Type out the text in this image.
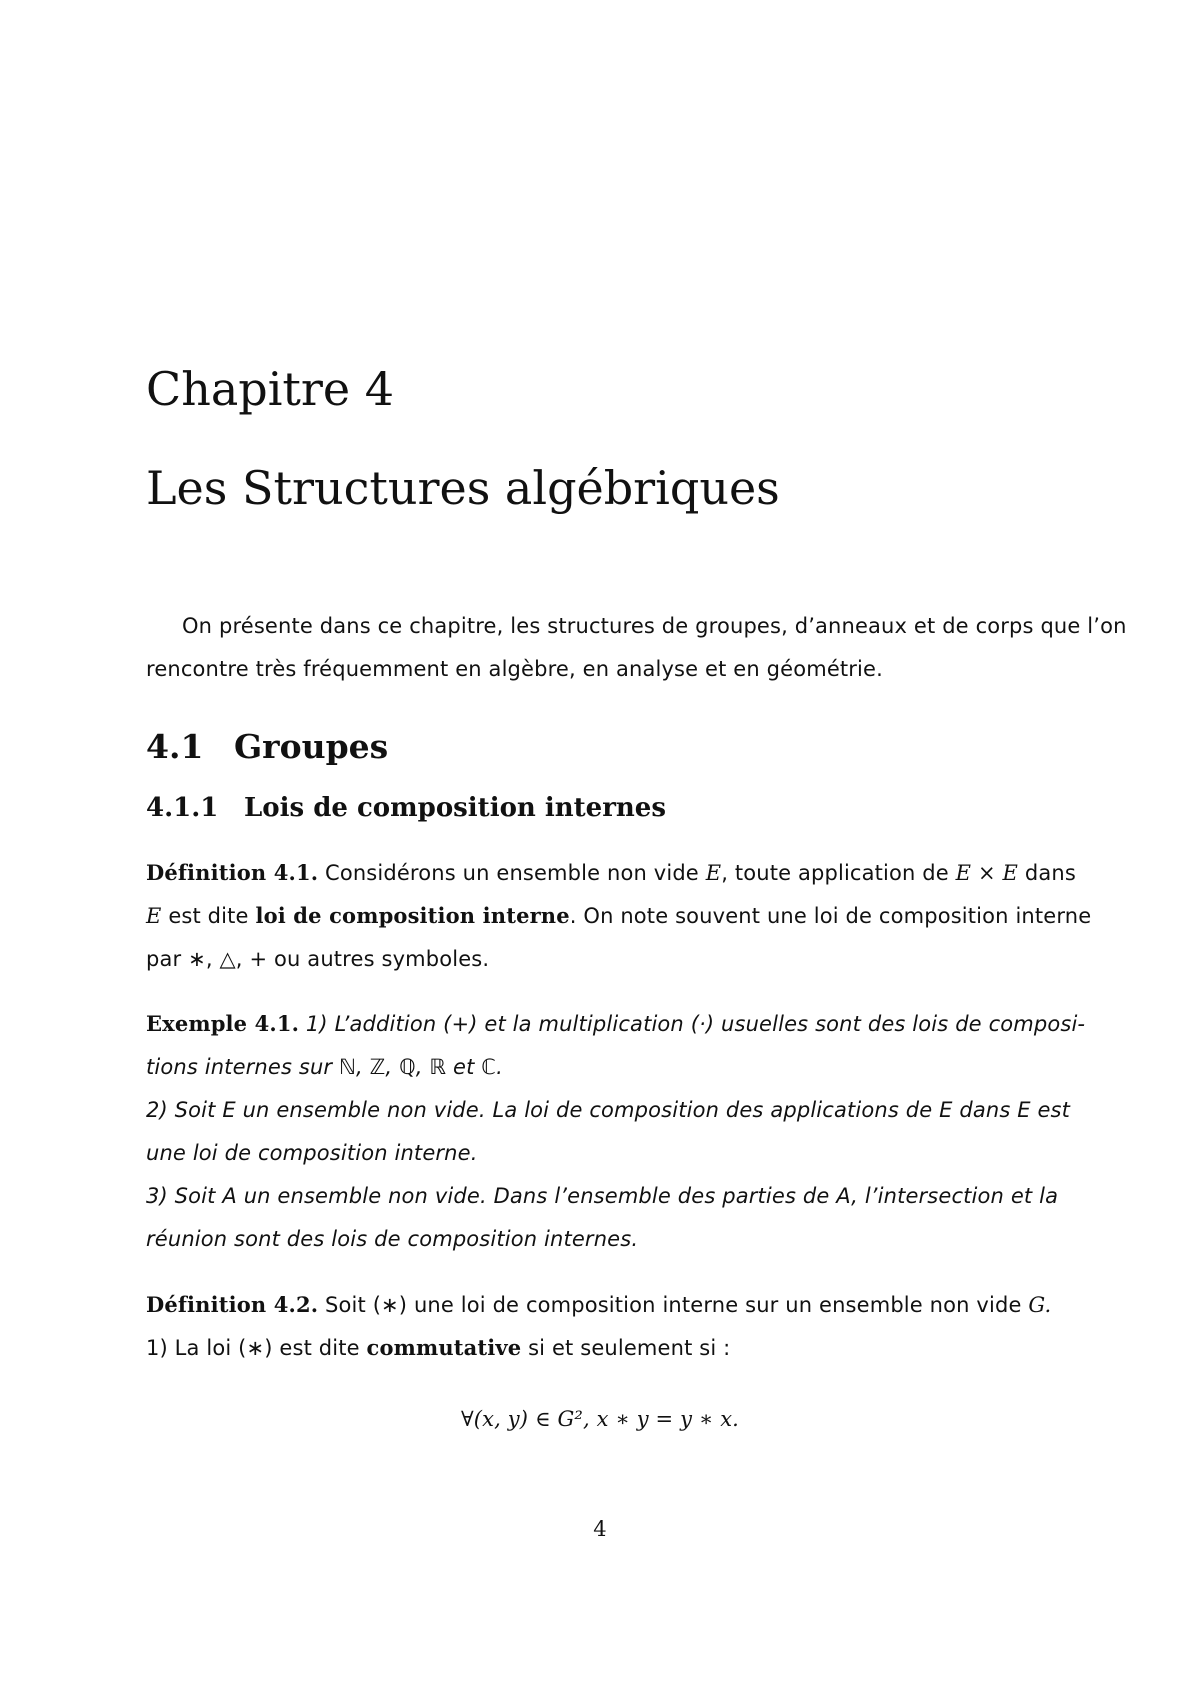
Chapitre 4
Les Structures algébriques
On présente dans ce chapitre, les structures de groupes, d’anneaux et de corps que l’on
rencontre très fréquemment en algèbre, en analyse et en géométrie.
4.1 Groupes
4.1.1 Lois de composition internes
Définition 4.1. Considérons un ensemble non vide E, toute application de E × E dans
E est dite loi de composition interne. On note souvent une loi de composition interne
par ∗, △, + ou autres symboles.
Exemple 4.1. 1) L’addition (+) et la multiplication (·) usuelles sont des lois de composi-
tions internes sur ℕ, ℤ, ℚ, ℝ et ℂ.
2) Soit E un ensemble non vide. La loi de composition des applications de E dans E est
une loi de composition interne.
3) Soit A un ensemble non vide. Dans l’ensemble des parties de A, l’intersection et la
réunion sont des lois de composition internes.
Définition 4.2. Soit (∗) une loi de composition interne sur un ensemble non vide G.
1) La loi (∗) est dite commutative si et seulement si :
∀(x, y) ∈ G², x ∗ y = y ∗ x.
4
